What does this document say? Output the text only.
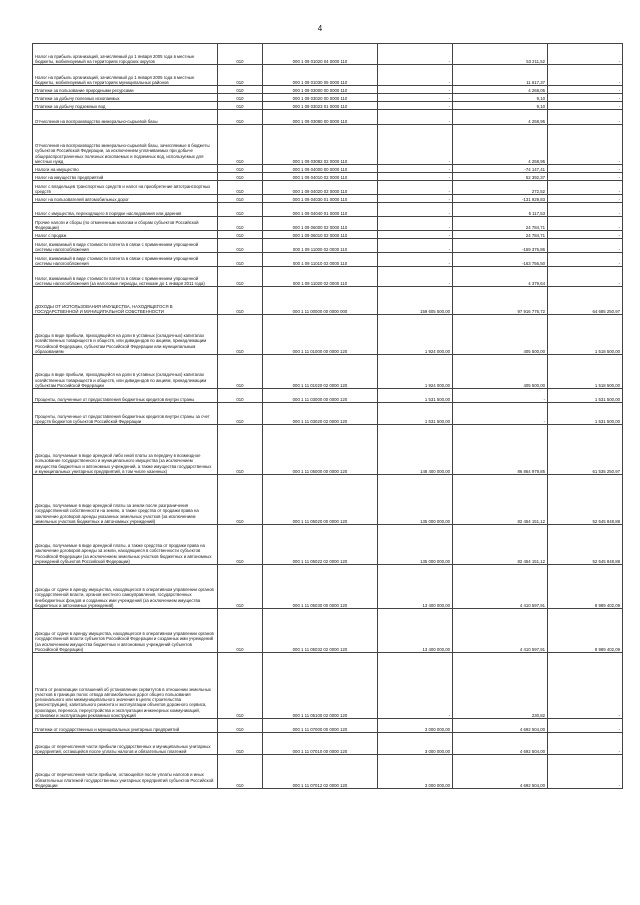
4
Налог на прибыль организаций, зачисляемый до 1 января 2005 года в местные бюджеты, мобилизуемый на территориях городских округов	010	000 1 09 01020 04 0000 110	-	53 211,52	-
Налог на прибыль организаций, зачисляемый до 1 января 2005 года в местные бюджеты, мобилизуемый на территориях муниципальных районов	010	000 1 09 01030 05 0000 110	-	11 617,37	-
Платежи за пользование природными ресурсами	010	000 1 09 03000 00 0000 110	-	4 268,05	-
Платежи за добычу полезных ископаемых	010	000 1 09 03020 00 0000 110	-	9,10	-
Платежи за добычу подземных вод	010	000 1 09 03023 01 0000 110	-	9,10	-
Отчисления на воспроизводство минерально-сырьевой базы	010	000 1 09 03080 00 0000 110	-	4 258,95	-
Отчисления на воспроизводство минерально-сырьевой базы, зачисляемые в бюджеты субъектов Российской Федерации, за исключением уплачиваемых при добыче общераспространенных полезных ископаемых и подземных вод, используемых для местных нужд	010	000 1 09 03082 02 0000 110	-	4 258,95	-
Налоги на имущество	010	000 1 09 04000 00 0000 110	-	-74 147,41	-
Налог на имущество предприятий	010	000 1 09 04010 02 0000 110	-	52 392,37	-
Налог с владельцев транспортных средств и налог на приобретение автотранспортных средств	010	000 1 09 04020 02 0000 110	-	272,52	-
Налог на пользователей автомобильных дорог	010	000 1 09 04030 01 0000 110	-	-131 929,83	-
Налог с имущества, переходящего в порядке наследования или дарения	010	000 1 09 04040 01 0000 110	-	5 117,53	-
Прочие налоги и сборы (по отмененным налогам и сборам субъектов Российской Федерации)	010	000 1 09 06000 02 0000 110	-	24 784,71	-
Налог с продаж	010	000 1 09 06010 02 0000 110	-	24 784,71	-
Налог, взимаемый в виде стоимости патента в связи с применением упрощенной системы налогообложения	010	000 1 09 11000 02 0000 110	-	-159 376,86	-
Налог, взимаемый в виде стоимости патента в связи с применением упрощенной системы налогообложения	010	000 1 09 11010 02 0000 110	-	-163 756,50	-
Налог, взимаемый в виде стоимости патента в связи с применением упрощенной системы налогообложения (за налоговые периоды, истекшие до 1 января 2011 года)	010	000 1 09 11020 02 0000 110	-	4 379,64	-
ДОХОДЫ ОТ ИСПОЛЬЗОВАНИЯ ИМУЩЕСТВА, НАХОДЯЩЕГОСЯ В ГОСУДАРСТВЕННОЙ И МУНИЦИПАЛЬНОЙ СОБСТВЕННОСТИ	010	000 1 11 00000 00 0000 000	159 605 500,00	97 916 776,72	64 685 250,97
Доходы в виде прибыли, приходящейся на доли в уставных (складочных) капиталах хозяйственных товариществ и обществ, или дивидендов по акциям, принадлежащим Российской Федерации, субъектам Российской Федерации или муниципальным образованиям	010	000 1 11 01000 00 0000 120	1 924 000,00	405 500,00	1 518 500,00
Доходы в виде прибыли, приходящейся на доли в уставных (складочных) капиталах хозяйственных товариществ и обществ, или дивидендов по акциям, принадлежащим субъектам Российской Федерации	010	000 1 11 01020 02 0000 120	1 924 000,00	405 500,00	1 518 500,00
Проценты, полученные от предоставления бюджетных кредитов внутри страны	010	000 1 11 03000 00 0000 120	1 531 500,00	-	1 531 500,00
Проценты, полученные от предоставления бюджетных кредитов внутри страны за счет средств бюджетов субъектов Российской Федерации	010	000 1 11 03020 02 0000 120	1 531 500,00	-	1 531 500,00
Доходы, получаемые в виде арендной либо иной платы за передачу в возмездное пользование государственного и муниципального имущества (за исключением имущества бюджетных и автономных учреждений, а также имущества государственных и муниципальных унитарных предприятий, в том числе казенных)	010	000 1 11 05000 00 0000 120	148 400 000,00	86 864 979,85	61 535 250,97
Доходы, получаемые в виде арендной платы за земли после разграничения государственной собственности на землю, а также средства от продажи права на заключение договоров аренды указанных земельных участков (за исключением земельных участков бюджетных и автономных учреждений)	010	000 1 11 05020 00 0000 120	135 000 000,00	82 454 151,12	52 545 848,88
Доходы, получаемые в виде арендной платы, а также средства от продажи права на заключение договоров аренды за земли, находящиеся в собственности субъектов Российской Федерации (за исключением земельных участков бюджетных и автономных учреждений субъектов Российской Федерации)	010	000 1 11 05022 02 0000 120	135 000 000,00	82 454 151,12	52 545 848,88
Доходы от сдачи в аренду имущества, находящегося в оперативном управлении органов государственной власти, органов местного самоуправления, государственных внебюджетных фондов и созданных ими учреждений (за исключением имущества бюджетных и автономных учреждений)	010	000 1 11 05030 00 0000 120	13 400 000,00	4 410 597,91	8 989 402,09
Доходы от сдачи в аренду имущества, находящегося в оперативном управлении органов государственной власти субъектов Российской Федерации и созданных ими учреждений (за исключением имущества бюджетных и автономных учреждений субъектов Российской Федерации)	010	000 1 11 05032 02 0000 120	13 400 000,00	4 410 597,91	8 989 402,09
Плата от реализации соглашений об установлении сервитутов в отношении земельных участков в границах полос отвода автомобильных дорог общего пользования регионального или межмуниципального значения в целях строительства (реконструкции), капитального ремонта и эксплуатации объектов дорожного сервиса, прокладки, переноса, переустройства и эксплуатации инженерных коммуникаций, установки и эксплуатации рекламных конструкций	010	000 1 11 05100 02 0000 120	-	230,82	-
Платежи от государственных и муниципальных унитарных предприятий	010	000 1 11 07000 00 0000 120	3 000 000,00	4 692 504,00	-
Доходы от перечисления части прибыли государственных и муниципальных унитарных предприятий, остающейся после уплаты налогов и обязательных платежей	010	000 1 11 07010 00 0000 120	3 000 000,00	4 692 504,00	-
Доходы от перечисления части прибыли, остающейся после уплаты налогов и иных обязательных платежей государственных унитарных предприятий субъектов Российской Федерации	010	000 1 11 07012 02 0000 120	3 000 000,00	4 692 504,00	-
